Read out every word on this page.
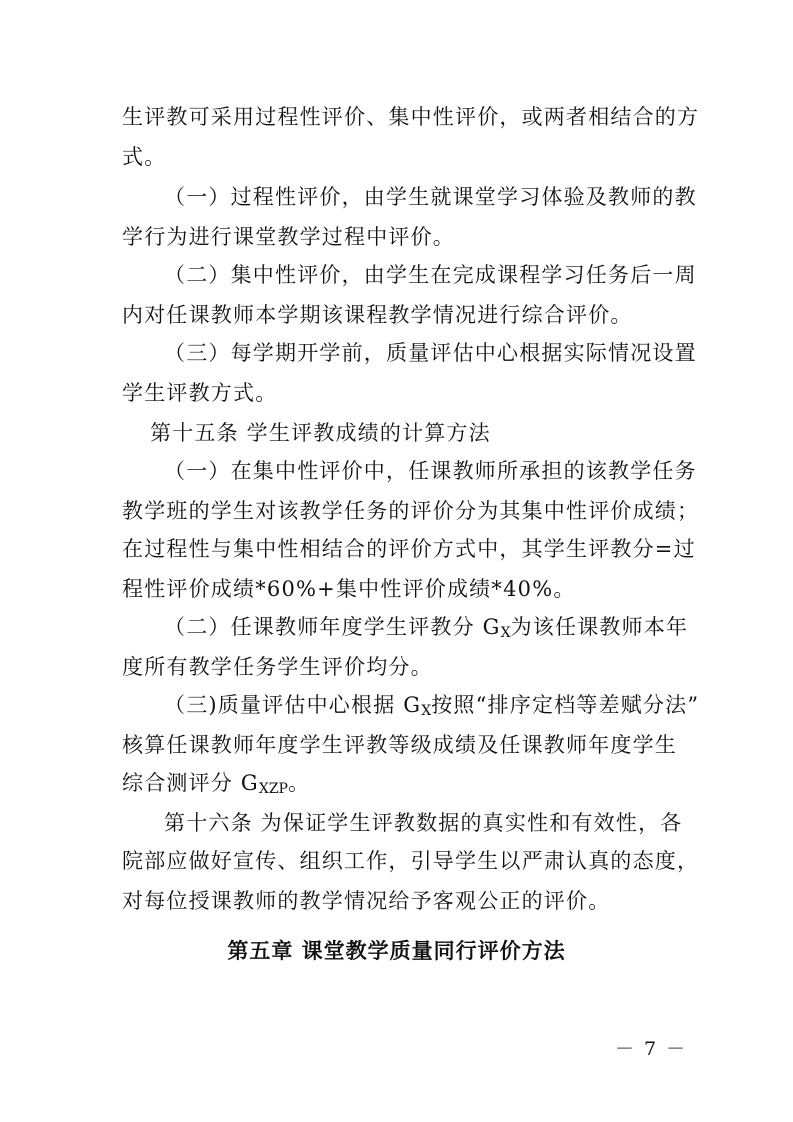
生评教可采用过程性评价、集中性评价，或两者相结合的方
式。
（一）过程性评价，由学生就课堂学习体验及教师的教
学行为进行课堂教学过程中评价。
（二）集中性评价，由学生在完成课程学习任务后一周
内对任课教师本学期该课程教学情况进行综合评价。
（三）每学期开学前，质量评估中心根据实际情况设置
学生评教方式。
第十五条 学生评教成绩的计算方法
（一）在集中性评价中，任课教师所承担的该教学任务
教学班的学生对该教学任务的评价分为其集中性评价成绩；
在过程性与集中性相结合的评价方式中，其学生评教分=过
程性评价成绩*60%+集中性评价成绩*40%。
（二）任课教师年度学生评教分 $G_X$为该任课教师本年
度所有教学任务学生评价均分。
（三)质量评估中心根据 $G_X$按照“排序定档等差赋分法”
核算任课教师年度学生评教等级成绩及任课教师年度学生
综合测评分 $G_{XZP}$。
第十六条 为保证学生评教数据的真实性和有效性，各
院部应做好宣传、组织工作，引导学生以严肃认真的态度，
对每位授课教师的教学情况给予客观公正的评价。
第五章 课堂教学质量同行评价方法
－ 7 －
